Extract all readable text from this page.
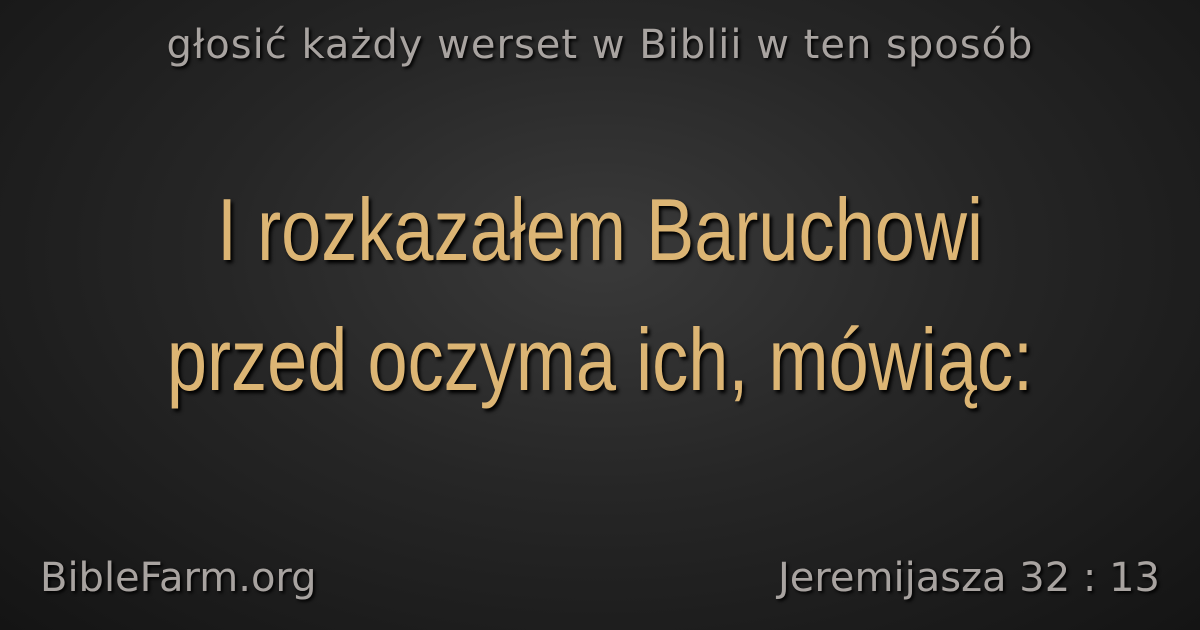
głosić każdy werset w Biblii w ten sposób
I rozkazałem Baruchowi
przed oczyma ich, mówiąc:
BibleFarm.org	Jeremijasza 32 : 13
